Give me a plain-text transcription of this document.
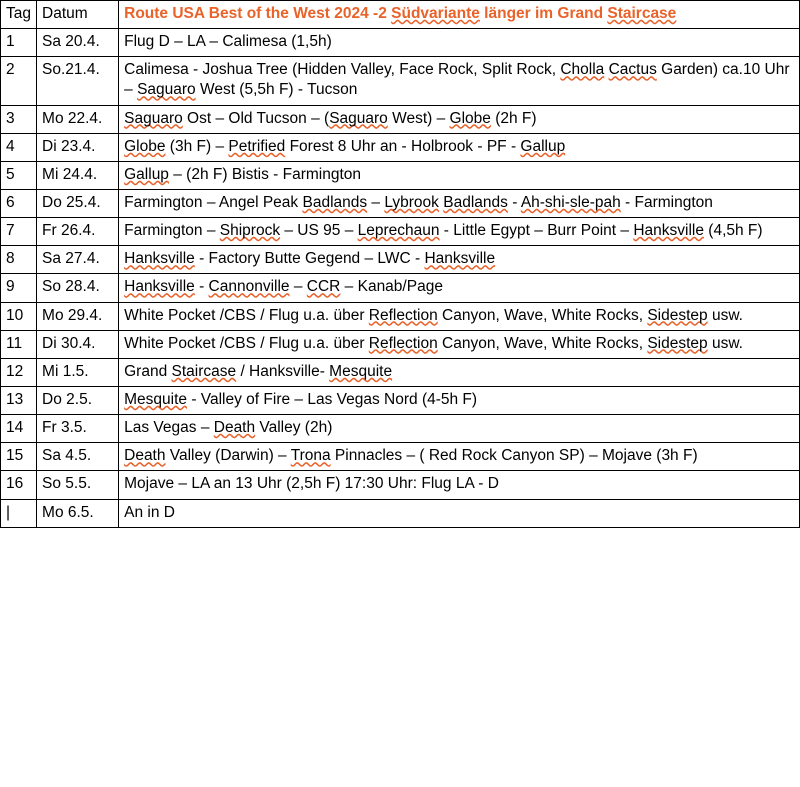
Tag	Datum	Route USA Best of the West 2024 -2 Südvariante länger im Grand Staircase
1	Sa 20.4.	Flug D – LA – Calimesa (1,5h)
2	So.21.4.	Calimesa - Joshua Tree (Hidden Valley, Face Rock, Split Rock, Cholla Cactus Garden) ca.10 Uhr – Saguaro West (5,5h F) - Tucson
3	Mo 22.4.	Saguaro Ost – Old Tucson – (Saguaro West) – Globe (2h F)
4	Di 23.4.	Globe (3h F) – Petrified Forest 8 Uhr an - Holbrook - PF - Gallup
5	Mi 24.4.	Gallup – (2h F) Bistis - Farmington
6	Do 25.4.	Farmington – Angel Peak Badlands – Lybrook Badlands - Ah-shi-sle-pah - Farmington
7	Fr 26.4.	Farmington – Shiprock – US 95 – Leprechaun - Little Egypt – Burr Point – Hanksville (4,5h F)
8	Sa 27.4.	Hanksville - Factory Butte Gegend – LWC - Hanksville
9	So 28.4.	Hanksville - Cannonville – CCR – Kanab/Page
10	Mo 29.4.	White Pocket /CBS / Flug u.a. über Reflection Canyon, Wave, White Rocks, Sidestep usw.
11	Di 30.4.	White Pocket /CBS / Flug u.a. über Reflection Canyon, Wave, White Rocks, Sidestep usw.
12	Mi 1.5.	Grand Staircase / Hanksville- Mesquite
13	Do 2.5.	Mesquite - Valley of Fire – Las Vegas Nord (4-5h F)
14	Fr 3.5.	Las Vegas – Death Valley (2h)
15	Sa 4.5.	Death Valley (Darwin) – Trona Pinnacles – ( Red Rock Canyon SP) – Mojave (3h F)
16	So 5.5.	Mojave – LA an 13 Uhr (2,5h F) 17:30 Uhr: Flug LA - D
|	Mo 6.5.	An in D
